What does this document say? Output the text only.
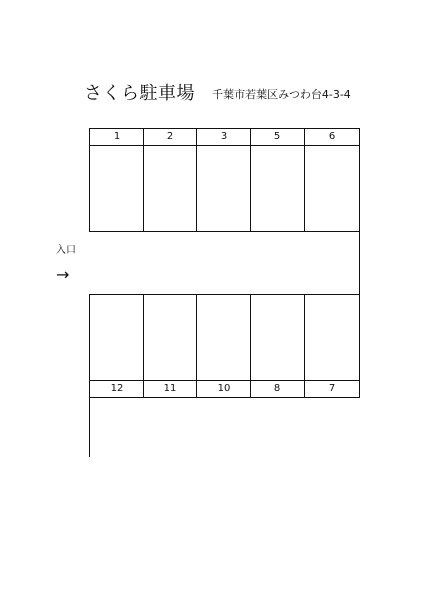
さくら駐車場 千葉市若葉区みつわ台4-3-4
1	2	3	5	6
12	11	10	8	7
入口
→
